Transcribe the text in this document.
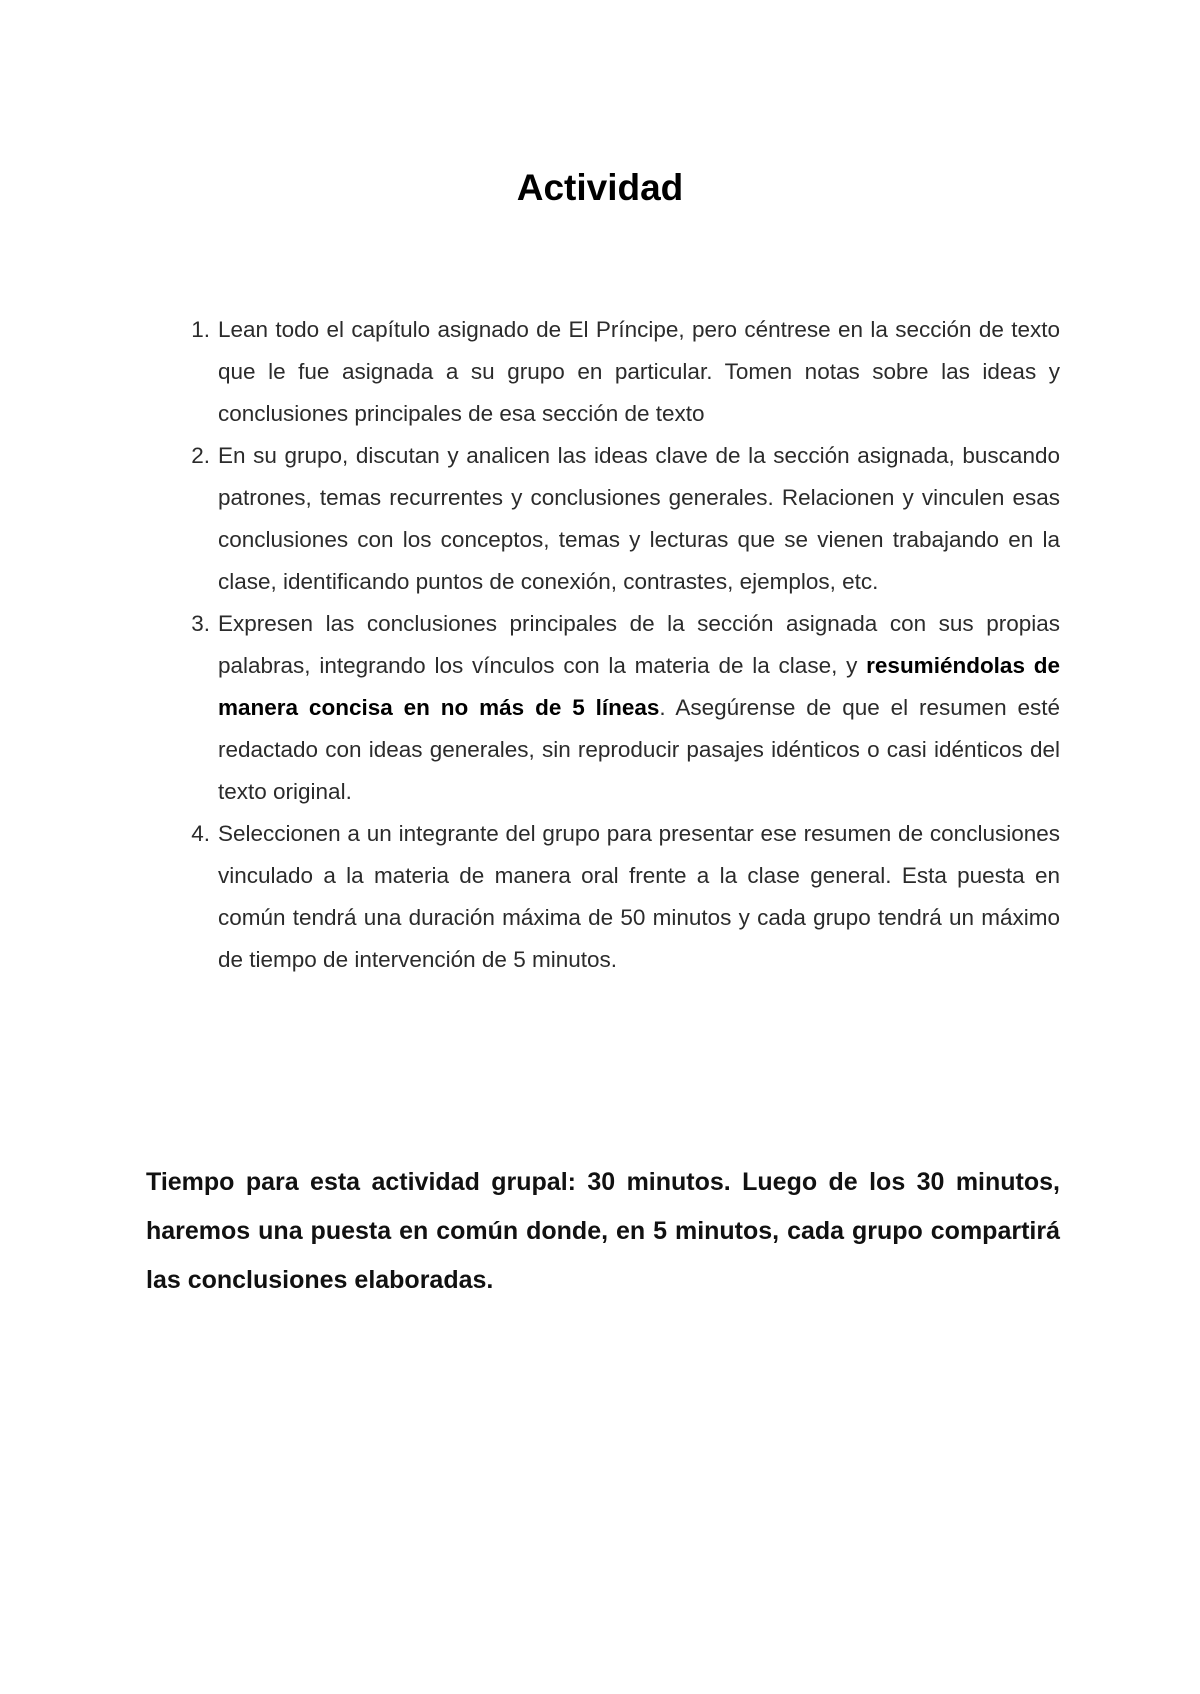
Actividad
1. Lean todo el capítulo asignado de El Príncipe, pero céntrese en la sección de texto que le fue asignada a su grupo en particular. Tomen notas sobre las ideas y conclusiones principales de esa sección de texto
2. En su grupo, discutan y analicen las ideas clave de la sección asignada, buscando patrones, temas recurrentes y conclusiones generales. Relacionen y vinculen esas conclusiones con los conceptos, temas y lecturas que se vienen trabajando en la clase, identificando puntos de conexión, contrastes, ejemplos, etc.
3. Expresen las conclusiones principales de la sección asignada con sus propias palabras, integrando los vínculos con la materia de la clase, y resumiéndolas de manera concisa en no más de 5 líneas. Asegúrense de que el resumen esté redactado con ideas generales, sin reproducir pasajes idénticos o casi idénticos del texto original.
4. Seleccionen a un integrante del grupo para presentar ese resumen de conclusiones vinculado a la materia de manera oral frente a la clase general. Esta puesta en común tendrá una duración máxima de 50 minutos y cada grupo tendrá un máximo de tiempo de intervención de 5 minutos.

Tiempo para esta actividad grupal: 30 minutos. Luego de los 30 minutos, haremos una puesta en común donde, en 5 minutos, cada grupo compartirá las conclusiones elaboradas.
